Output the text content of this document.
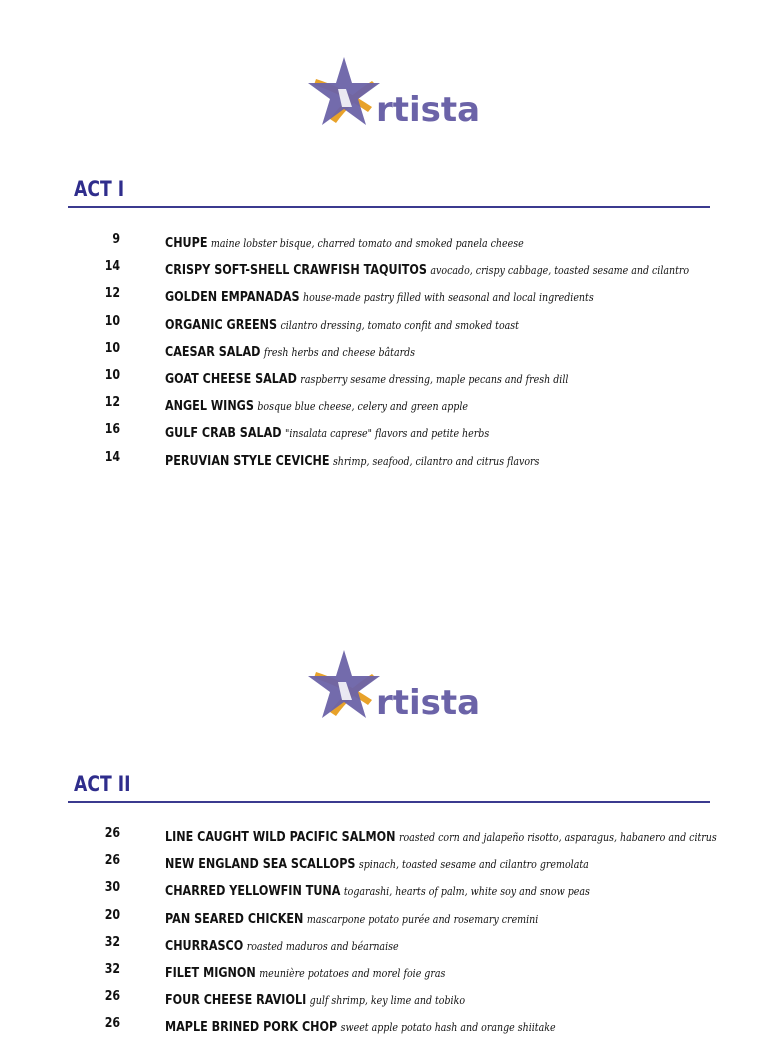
rtista
ACT I
9	CHUPE maine lobster bisque, charred tomato and smoked panela cheese
14	CRISPY SOFT-SHELL CRAWFISH TAQUITOS avocado, crispy cabbage, toasted sesame and cilantro
12	GOLDEN EMPANADAS house-made pastry filled with seasonal and local ingredients
10	ORGANIC GREENS cilantro dressing, tomato confit and smoked toast
10	CAESAR SALAD fresh herbs and cheese bâtards
10	GOAT CHEESE SALAD raspberry sesame dressing, maple pecans and fresh dill
12	ANGEL WINGS bosque blue cheese, celery and green apple
16	GULF CRAB SALAD "insalata caprese" flavors and petite herbs
14	PERUVIAN STYLE CEVICHE shrimp, seafood, cilantro and citrus flavors
rtista
ACT II
26	LINE CAUGHT WILD PACIFIC SALMON roasted corn and jalapeño risotto, asparagus, habanero and citrus
26	NEW ENGLAND SEA SCALLOPS spinach, toasted sesame and cilantro gremolata
30	CHARRED YELLOWFIN TUNA togarashi, hearts of palm, white soy and snow peas
20	PAN SEARED CHICKEN mascarpone potato purée and rosemary cremini
32	CHURRASCO roasted maduros and béarnaise
32	FILET MIGNON meunière potatoes and morel foie gras
26	FOUR CHEESE RAVIOLI gulf shrimp, key lime and tobiko
26	MAPLE BRINED PORK CHOP sweet apple potato hash and orange shiitake
